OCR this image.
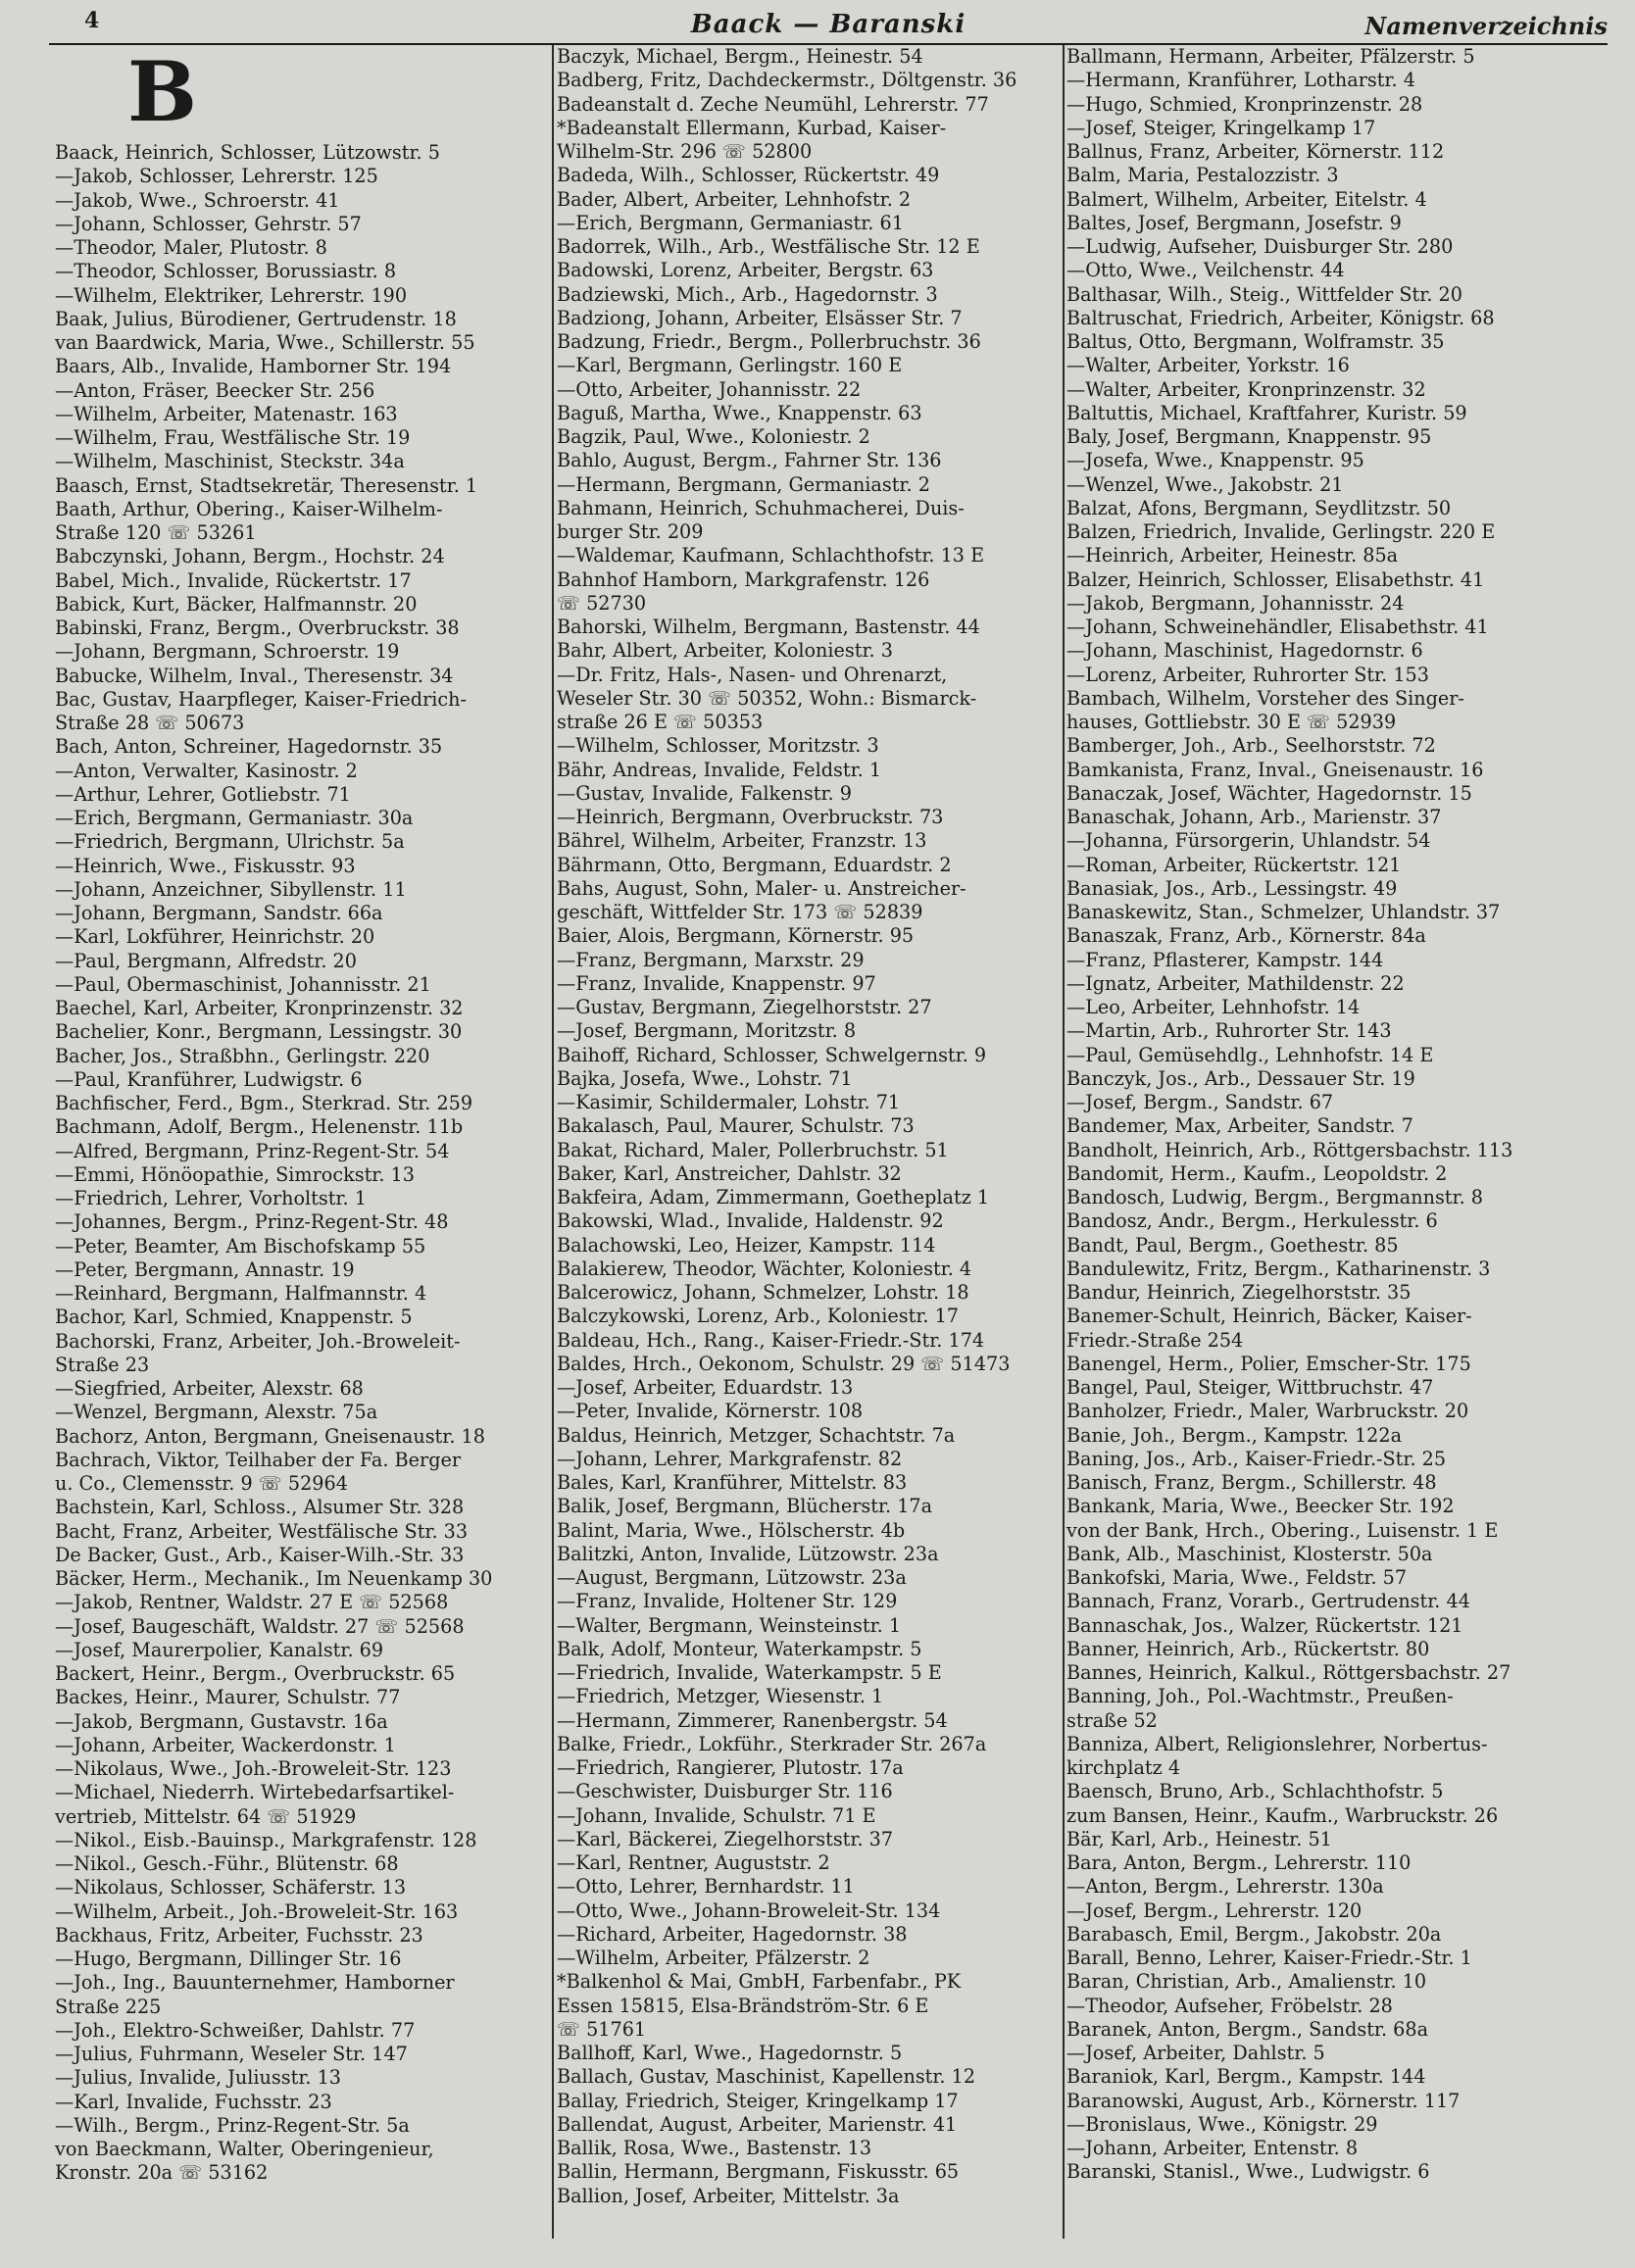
4	Baack — Baranski	Namenverzeichnis
B
Baack, Heinrich, Schlosser, Lützowstr. 5
—Jakob, Schlosser, Lehrerstr. 125
—Jakob, Wwe., Schroerstr. 41
—Johann, Schlosser, Gehrstr. 57
—Theodor, Maler, Plutostr. 8
—Theodor, Schlosser, Borussiastr. 8
—Wilhelm, Elektriker, Lehrerstr. 190
Baak, Julius, Bürodiener, Gertrudenstr. 18
van Baardwick, Maria, Wwe., Schillerstr. 55
Baars, Alb., Invalide, Hamborner Str. 194
—Anton, Fräser, Beecker Str. 256
—Wilhelm, Arbeiter, Matenastr. 163
—Wilhelm, Frau, Westfälische Str. 19
—Wilhelm, Maschinist, Steckstr. 34a
Baasch, Ernst, Stadtsekretär, Theresenstr. 1
Baath, Arthur, Obering., Kaiser-Wilhelm-
Straße 120 ☏ 53261
Babczynski, Johann, Bergm., Hochstr. 24
Babel, Mich., Invalide, Rückertstr. 17
Babick, Kurt, Bäcker, Halfmannstr. 20
Babinski, Franz, Bergm., Overbruckstr. 38
—Johann, Bergmann, Schroerstr. 19
Babucke, Wilhelm, Inval., Theresenstr. 34
Bac, Gustav, Haarpfleger, Kaiser-Friedrich-
Straße 28 ☏ 50673
Bach, Anton, Schreiner, Hagedornstr. 35
—Anton, Verwalter, Kasinostr. 2
—Arthur, Lehrer, Gotliebstr. 71
—Erich, Bergmann, Germaniastr. 30a
—Friedrich, Bergmann, Ulrichstr. 5a
—Heinrich, Wwe., Fiskusstr. 93
—Johann, Anzeichner, Sibyllenstr. 11
—Johann, Bergmann, Sandstr. 66a
—Karl, Lokführer, Heinrichstr. 20
—Paul, Bergmann, Alfredstr. 20
—Paul, Obermaschinist, Johannisstr. 21
Baechel, Karl, Arbeiter, Kronprinzenstr. 32
Bachelier, Konr., Bergmann, Lessingstr. 30
Bacher, Jos., Straßbhn., Gerlingstr. 220
—Paul, Kranführer, Ludwigstr. 6
Bachfischer, Ferd., Bgm., Sterkrad. Str. 259
Bachmann, Adolf, Bergm., Helenenstr. 11b
—Alfred, Bergmann, Prinz-Regent-Str. 54
—Emmi, Hönöopathie, Simrockstr. 13
—Friedrich, Lehrer, Vorholtstr. 1
—Johannes, Bergm., Prinz-Regent-Str. 48
—Peter, Beamter, Am Bischofskamp 55
—Peter, Bergmann, Annastr. 19
—Reinhard, Bergmann, Halfmannstr. 4
Bachor, Karl, Schmied, Knappenstr. 5
Bachorski, Franz, Arbeiter, Joh.-Broweleit-
Straße 23
—Siegfried, Arbeiter, Alexstr. 68
—Wenzel, Bergmann, Alexstr. 75a
Bachorz, Anton, Bergmann, Gneisenaustr. 18
Bachrach, Viktor, Teilhaber der Fa. Berger
u. Co., Clemensstr. 9 ☏ 52964
Bachstein, Karl, Schloss., Alsumer Str. 328
Bacht, Franz, Arbeiter, Westfälische Str. 33
De Backer, Gust., Arb., Kaiser-Wilh.-Str. 33
Bäcker, Herm., Mechanik., Im Neuenkamp 30
—Jakob, Rentner, Waldstr. 27 E ☏ 52568
—Josef, Baugeschäft, Waldstr. 27 ☏ 52568
—Josef, Maurerpolier, Kanalstr. 69
Backert, Heinr., Bergm., Overbruckstr. 65
Backes, Heinr., Maurer, Schulstr. 77
—Jakob, Bergmann, Gustavstr. 16a
—Johann, Arbeiter, Wackerdonstr. 1
—Nikolaus, Wwe., Joh.-Broweleit-Str. 123
—Michael, Niederrh. Wirtebedarfsartikel-
vertrieb, Mittelstr. 64 ☏ 51929
—Nikol., Eisb.-Bauinsp., Markgrafenstr. 128
—Nikol., Gesch.-Führ., Blütenstr. 68
—Nikolaus, Schlosser, Schäferstr. 13
—Wilhelm, Arbeit., Joh.-Broweleit-Str. 163
Backhaus, Fritz, Arbeiter, Fuchsstr. 23
—Hugo, Bergmann, Dillinger Str. 16
—Joh., Ing., Bauunternehmer, Hamborner
Straße 225
—Joh., Elektro-Schweißer, Dahlstr. 77
—Julius, Fuhrmann, Weseler Str. 147
—Julius, Invalide, Juliusstr. 13
—Karl, Invalide, Fuchsstr. 23
—Wilh., Bergm., Prinz-Regent-Str. 5a
von Baeckmann, Walter, Oberingenieur,
Kronstr. 20a ☏ 53162
Baczyk, Michael, Bergm., Heinestr. 54
Badberg, Fritz, Dachdeckermstr., Döltgenstr. 36
Badeanstalt d. Zeche Neumühl, Lehrerstr. 77
*Badeanstalt Ellermann, Kurbad, Kaiser-
Wilhelm-Str. 296 ☏ 52800
Badeda, Wilh., Schlosser, Rückertstr. 49
Bader, Albert, Arbeiter, Lehnhofstr. 2
—Erich, Bergmann, Germaniastr. 61
Badorrek, Wilh., Arb., Westfälische Str. 12 E
Badowski, Lorenz, Arbeiter, Bergstr. 63
Badziewski, Mich., Arb., Hagedornstr. 3
Badziong, Johann, Arbeiter, Elsässer Str. 7
Badzung, Friedr., Bergm., Pollerbruchstr. 36
—Karl, Bergmann, Gerlingstr. 160 E
—Otto, Arbeiter, Johannisstr. 22
Baguß, Martha, Wwe., Knappenstr. 63
Bagzik, Paul, Wwe., Koloniestr. 2
Bahlo, August, Bergm., Fahrner Str. 136
—Hermann, Bergmann, Germaniastr. 2
Bahmann, Heinrich, Schuhmacherei, Duis-
burger Str. 209
—Waldemar, Kaufmann, Schlachthofstr. 13 E
Bahnhof Hamborn, Markgrafenstr. 126
☏ 52730
Bahorski, Wilhelm, Bergmann, Bastenstr. 44
Bahr, Albert, Arbeiter, Koloniestr. 3
—Dr. Fritz, Hals-, Nasen- und Ohrenarzt,
Weseler Str. 30 ☏ 50352, Wohn.: Bismarck-
straße 26 E ☏ 50353
—Wilhelm, Schlosser, Moritzstr. 3
Bähr, Andreas, Invalide, Feldstr. 1
—Gustav, Invalide, Falkenstr. 9
—Heinrich, Bergmann, Overbruckstr. 73
Bährel, Wilhelm, Arbeiter, Franzstr. 13
Bährmann, Otto, Bergmann, Eduardstr. 2
Bahs, August, Sohn, Maler- u. Anstreicher-
geschäft, Wittfelder Str. 173 ☏ 52839
Baier, Alois, Bergmann, Körnerstr. 95
—Franz, Bergmann, Marxstr. 29
—Franz, Invalide, Knappenstr. 97
—Gustav, Bergmann, Ziegelhorststr. 27
—Josef, Bergmann, Moritzstr. 8
Baihoff, Richard, Schlosser, Schwelgernstr. 9
Bajka, Josefa, Wwe., Lohstr. 71
—Kasimir, Schildermaler, Lohstr. 71
Bakalasch, Paul, Maurer, Schulstr. 73
Bakat, Richard, Maler, Pollerbruchstr. 51
Baker, Karl, Anstreicher, Dahlstr. 32
Bakfeira, Adam, Zimmermann, Goetheplatz 1
Bakowski, Wlad., Invalide, Haldenstr. 92
Balachowski, Leo, Heizer, Kampstr. 114
Balakierew, Theodor, Wächter, Koloniestr. 4
Balcerowicz, Johann, Schmelzer, Lohstr. 18
Balczykowski, Lorenz, Arb., Koloniestr. 17
Baldeau, Hch., Rang., Kaiser-Friedr.-Str. 174
Baldes, Hrch., Oekonom, Schulstr. 29 ☏ 51473
—Josef, Arbeiter, Eduardstr. 13
—Peter, Invalide, Körnerstr. 108
Baldus, Heinrich, Metzger, Schachtstr. 7a
—Johann, Lehrer, Markgrafenstr. 82
Bales, Karl, Kranführer, Mittelstr. 83
Balik, Josef, Bergmann, Blücherstr. 17a
Balint, Maria, Wwe., Hölscherstr. 4b
Balitzki, Anton, Invalide, Lützowstr. 23a
—August, Bergmann, Lützowstr. 23a
—Franz, Invalide, Holtener Str. 129
—Walter, Bergmann, Weinsteinstr. 1
Balk, Adolf, Monteur, Waterkampstr. 5
—Friedrich, Invalide, Waterkampstr. 5 E
—Friedrich, Metzger, Wiesenstr. 1
—Hermann, Zimmerer, Ranenbergstr. 54
Balke, Friedr., Lokführ., Sterkrader Str. 267a
—Friedrich, Rangierer, Plutostr. 17a
—Geschwister, Duisburger Str. 116
—Johann, Invalide, Schulstr. 71 E
—Karl, Bäckerei, Ziegelhorststr. 37
—Karl, Rentner, Auguststr. 2
—Otto, Lehrer, Bernhardstr. 11
—Otto, Wwe., Johann-Broweleit-Str. 134
—Richard, Arbeiter, Hagedornstr. 38
—Wilhelm, Arbeiter, Pfälzerstr. 2
*Balkenhol & Mai, GmbH, Farbenfabr., PK
Essen 15815, Elsa-Brändström-Str. 6 E
☏ 51761
Ballhoff, Karl, Wwe., Hagedornstr. 5
Ballach, Gustav, Maschinist, Kapellenstr. 12
Ballay, Friedrich, Steiger, Kringelkamp 17
Ballendat, August, Arbeiter, Marienstr. 41
Ballik, Rosa, Wwe., Bastenstr. 13
Ballin, Hermann, Bergmann, Fiskusstr. 65
Ballion, Josef, Arbeiter, Mittelstr. 3a
Ballmann, Hermann, Arbeiter, Pfälzerstr. 5
—Hermann, Kranführer, Lotharstr. 4
—Hugo, Schmied, Kronprinzenstr. 28
—Josef, Steiger, Kringelkamp 17
Ballnus, Franz, Arbeiter, Körnerstr. 112
Balm, Maria, Pestalozzistr. 3
Balmert, Wilhelm, Arbeiter, Eitelstr. 4
Baltes, Josef, Bergmann, Josefstr. 9
—Ludwig, Aufseher, Duisburger Str. 280
—Otto, Wwe., Veilchenstr. 44
Balthasar, Wilh., Steig., Wittfelder Str. 20
Baltruschat, Friedrich, Arbeiter, Königstr. 68
Baltus, Otto, Bergmann, Wolframstr. 35
—Walter, Arbeiter, Yorkstr. 16
—Walter, Arbeiter, Kronprinzenstr. 32
Baltuttis, Michael, Kraftfahrer, Kuristr. 59
Baly, Josef, Bergmann, Knappenstr. 95
—Josefa, Wwe., Knappenstr. 95
—Wenzel, Wwe., Jakobstr. 21
Balzat, Afons, Bergmann, Seydlitzstr. 50
Balzen, Friedrich, Invalide, Gerlingstr. 220 E
—Heinrich, Arbeiter, Heinestr. 85a
Balzer, Heinrich, Schlosser, Elisabethstr. 41
—Jakob, Bergmann, Johannisstr. 24
—Johann, Schweinehändler, Elisabethstr. 41
—Johann, Maschinist, Hagedornstr. 6
—Lorenz, Arbeiter, Ruhrorter Str. 153
Bambach, Wilhelm, Vorsteher des Singer-
hauses, Gottliebstr. 30 E ☏ 52939
Bamberger, Joh., Arb., Seelhorststr. 72
Bamkanista, Franz, Inval., Gneisenaustr. 16
Banaczak, Josef, Wächter, Hagedornstr. 15
Banaschak, Johann, Arb., Marienstr. 37
—Johanna, Fürsorgerin, Uhlandstr. 54
—Roman, Arbeiter, Rückertstr. 121
Banasiak, Jos., Arb., Lessingstr. 49
Banaskewitz, Stan., Schmelzer, Uhlandstr. 37
Banaszak, Franz, Arb., Körnerstr. 84a
—Franz, Pflasterer, Kampstr. 144
—Ignatz, Arbeiter, Mathildenstr. 22
—Leo, Arbeiter, Lehnhofstr. 14
—Martin, Arb., Ruhrorter Str. 143
—Paul, Gemüsehdlg., Lehnhofstr. 14 E
Banczyk, Jos., Arb., Dessauer Str. 19
—Josef, Bergm., Sandstr. 67
Bandemer, Max, Arbeiter, Sandstr. 7
Bandholt, Heinrich, Arb., Röttgersbachstr. 113
Bandomit, Herm., Kaufm., Leopoldstr. 2
Bandosch, Ludwig, Bergm., Bergmannstr. 8
Bandosz, Andr., Bergm., Herkulesstr. 6
Bandt, Paul, Bergm., Goethestr. 85
Bandulewitz, Fritz, Bergm., Katharinenstr. 3
Bandur, Heinrich, Ziegelhorststr. 35
Banemer-Schult, Heinrich, Bäcker, Kaiser-
Friedr.-Straße 254
Banengel, Herm., Polier, Emscher-Str. 175
Bangel, Paul, Steiger, Wittbruchstr. 47
Banholzer, Friedr., Maler, Warbruckstr. 20
Banie, Joh., Bergm., Kampstr. 122a
Baning, Jos., Arb., Kaiser-Friedr.-Str. 25
Banisch, Franz, Bergm., Schillerstr. 48
Bankank, Maria, Wwe., Beecker Str. 192
von der Bank, Hrch., Obering., Luisenstr. 1 E
Bank, Alb., Maschinist, Klosterstr. 50a
Bankofski, Maria, Wwe., Feldstr. 57
Bannach, Franz, Vorarb., Gertrudenstr. 44
Bannaschak, Jos., Walzer, Rückertstr. 121
Banner, Heinrich, Arb., Rückertstr. 80
Bannes, Heinrich, Kalkul., Röttgersbachstr. 27
Banning, Joh., Pol.-Wachtmstr., Preußen-
straße 52
Banniza, Albert, Religionslehrer, Norbertus-
kirchplatz 4
Baensch, Bruno, Arb., Schlachthofstr. 5
zum Bansen, Heinr., Kaufm., Warbruckstr. 26
Bär, Karl, Arb., Heinestr. 51
Bara, Anton, Bergm., Lehrerstr. 110
—Anton, Bergm., Lehrerstr. 130a
—Josef, Bergm., Lehrerstr. 120
Barabasch, Emil, Bergm., Jakobstr. 20a
Barall, Benno, Lehrer, Kaiser-Friedr.-Str. 1
Baran, Christian, Arb., Amalienstr. 10
—Theodor, Aufseher, Fröbelstr. 28
Baranek, Anton, Bergm., Sandstr. 68a
—Josef, Arbeiter, Dahlstr. 5
Baraniok, Karl, Bergm., Kampstr. 144
Baranowski, August, Arb., Körnerstr. 117
—Bronislaus, Wwe., Königstr. 29
—Johann, Arbeiter, Entenstr. 8
Baranski, Stanisl., Wwe., Ludwigstr. 6
